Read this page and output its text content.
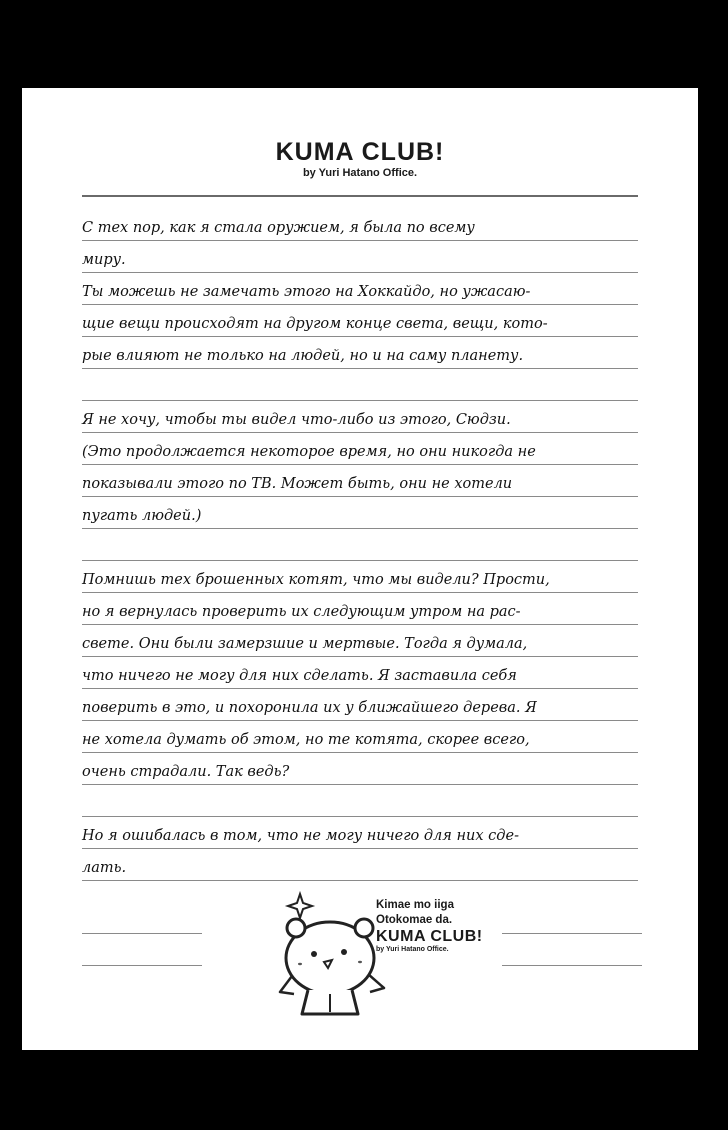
KUMA CLUB!
by Yuri Hatano Office.
С тех пор, как я стала оружием, я была по всему
миру.
Ты можешь не замечать этого на Хоккайдо, но ужасаю-
щие вещи происходят на другом конце света, вещи, кото-
рые влияют не только на людей, но и на саму планету.
Я не хочу, чтобы ты видел что-либо из этого, Сюдзи.
(Это продолжается некоторое время, но они никогда не
показывали этого по ТВ. Может быть, они не хотели
пугать людей.)
Помнишь тех брошенных котят, что мы видели? Прости,
но я вернулась проверить их следующим утром на рас-
свете. Они были замерзшие и мертвые. Тогда я думала,
что ничего не могу для них сделать. Я заставила себя
поверить в это, и похоронила их у ближайшего дерева. Я
не хотела думать об этом, но те котята, скорее всего,
очень страдали. Так ведь?
Но я ошибалась в том, что не могу ничего для них сде-
лать.
Kimae mo iiga
Otokomae da.
KUMA CLUB!
by Yuri Hatano Office.
